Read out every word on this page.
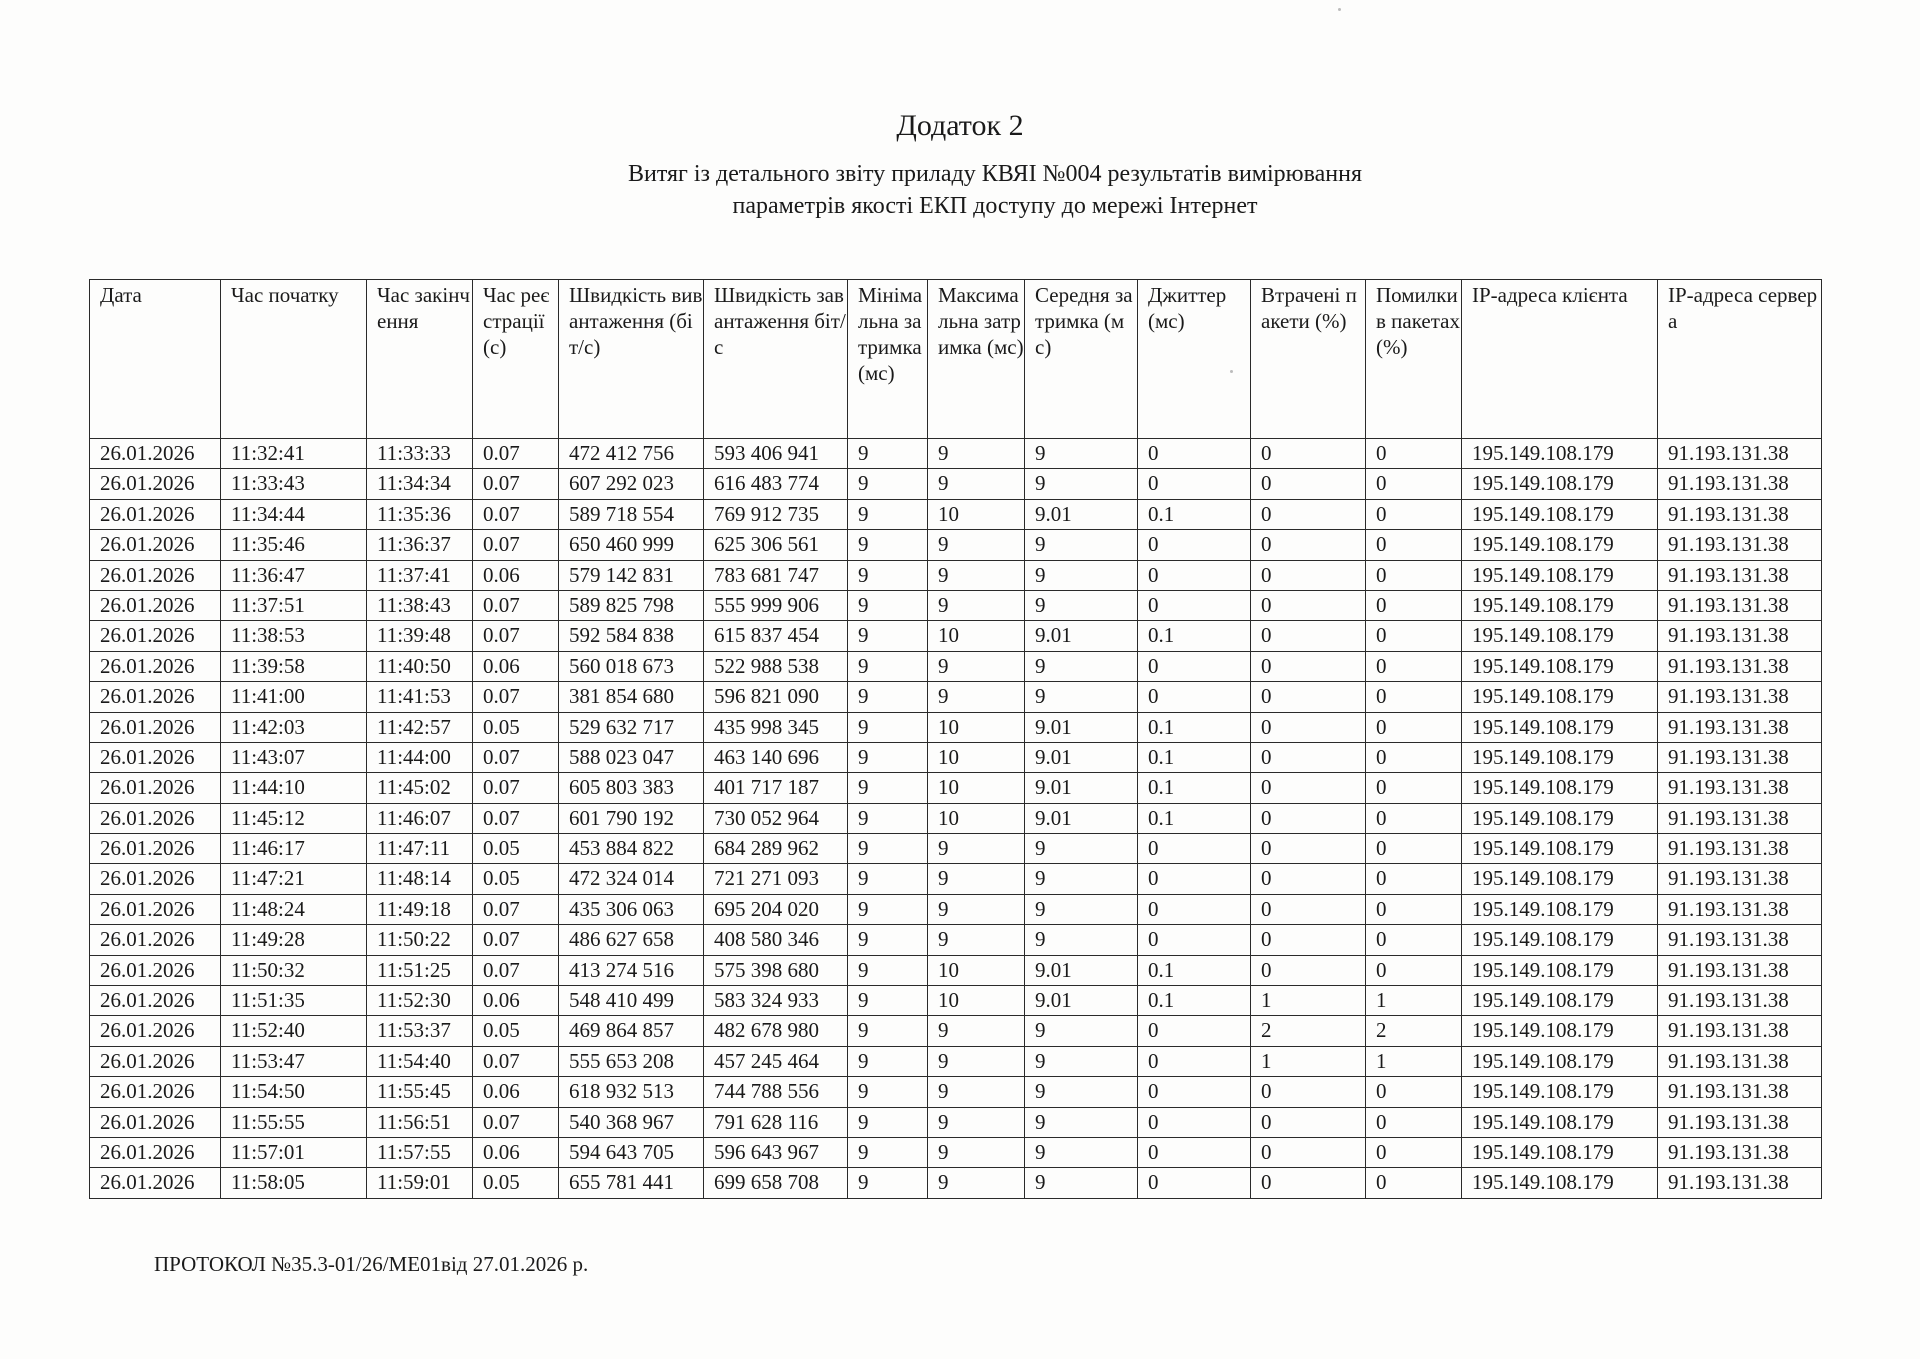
Додаток 2
Витяг із детального звіту приладу КВЯІ №004 результатів вимірювання
параметрів якості ЕКП доступу до мережі Інтернет
Дата	Час початку	Час закінчення	Час реєстрації (с)	Швидкість вивантаження (біт/с)	Швидкість завантаження біт/с	Мінімальна затримка (мс)	Максимальна затримка (мс)	Середня затримка (мс)	Джиттер (мс)	Втрачені пакети (%)	Помилки в пакетах (%)	IP-адреса клієнта	IP-адреса сервера
26.01.2026	11:32:41	11:33:33	0.07	472 412 756	593 406 941	9	9	9	0	0	0	195.149.108.179	91.193.131.38
26.01.2026	11:33:43	11:34:34	0.07	607 292 023	616 483 774	9	9	9	0	0	0	195.149.108.179	91.193.131.38
26.01.2026	11:34:44	11:35:36	0.07	589 718 554	769 912 735	9	10	9.01	0.1	0	0	195.149.108.179	91.193.131.38
26.01.2026	11:35:46	11:36:37	0.07	650 460 999	625 306 561	9	9	9	0	0	0	195.149.108.179	91.193.131.38
26.01.2026	11:36:47	11:37:41	0.06	579 142 831	783 681 747	9	9	9	0	0	0	195.149.108.179	91.193.131.38
26.01.2026	11:37:51	11:38:43	0.07	589 825 798	555 999 906	9	9	9	0	0	0	195.149.108.179	91.193.131.38
26.01.2026	11:38:53	11:39:48	0.07	592 584 838	615 837 454	9	10	9.01	0.1	0	0	195.149.108.179	91.193.131.38
26.01.2026	11:39:58	11:40:50	0.06	560 018 673	522 988 538	9	9	9	0	0	0	195.149.108.179	91.193.131.38
26.01.2026	11:41:00	11:41:53	0.07	381 854 680	596 821 090	9	9	9	0	0	0	195.149.108.179	91.193.131.38
26.01.2026	11:42:03	11:42:57	0.05	529 632 717	435 998 345	9	10	9.01	0.1	0	0	195.149.108.179	91.193.131.38
26.01.2026	11:43:07	11:44:00	0.07	588 023 047	463 140 696	9	10	9.01	0.1	0	0	195.149.108.179	91.193.131.38
26.01.2026	11:44:10	11:45:02	0.07	605 803 383	401 717 187	9	10	9.01	0.1	0	0	195.149.108.179	91.193.131.38
26.01.2026	11:45:12	11:46:07	0.07	601 790 192	730 052 964	9	10	9.01	0.1	0	0	195.149.108.179	91.193.131.38
26.01.2026	11:46:17	11:47:11	0.05	453 884 822	684 289 962	9	9	9	0	0	0	195.149.108.179	91.193.131.38
26.01.2026	11:47:21	11:48:14	0.05	472 324 014	721 271 093	9	9	9	0	0	0	195.149.108.179	91.193.131.38
26.01.2026	11:48:24	11:49:18	0.07	435 306 063	695 204 020	9	9	9	0	0	0	195.149.108.179	91.193.131.38
26.01.2026	11:49:28	11:50:22	0.07	486 627 658	408 580 346	9	9	9	0	0	0	195.149.108.179	91.193.131.38
26.01.2026	11:50:32	11:51:25	0.07	413 274 516	575 398 680	9	10	9.01	0.1	0	0	195.149.108.179	91.193.131.38
26.01.2026	11:51:35	11:52:30	0.06	548 410 499	583 324 933	9	10	9.01	0.1	1	1	195.149.108.179	91.193.131.38
26.01.2026	11:52:40	11:53:37	0.05	469 864 857	482 678 980	9	9	9	0	2	2	195.149.108.179	91.193.131.38
26.01.2026	11:53:47	11:54:40	0.07	555 653 208	457 245 464	9	9	9	0	1	1	195.149.108.179	91.193.131.38
26.01.2026	11:54:50	11:55:45	0.06	618 932 513	744 788 556	9	9	9	0	0	0	195.149.108.179	91.193.131.38
26.01.2026	11:55:55	11:56:51	0.07	540 368 967	791 628 116	9	9	9	0	0	0	195.149.108.179	91.193.131.38
26.01.2026	11:57:01	11:57:55	0.06	594 643 705	596 643 967	9	9	9	0	0	0	195.149.108.179	91.193.131.38
26.01.2026	11:58:05	11:59:01	0.05	655 781 441	699 658 708	9	9	9	0	0	0	195.149.108.179	91.193.131.38
ПРОТОКОЛ №35.3-01/26/МЕ01від 27.01.2026 р.
